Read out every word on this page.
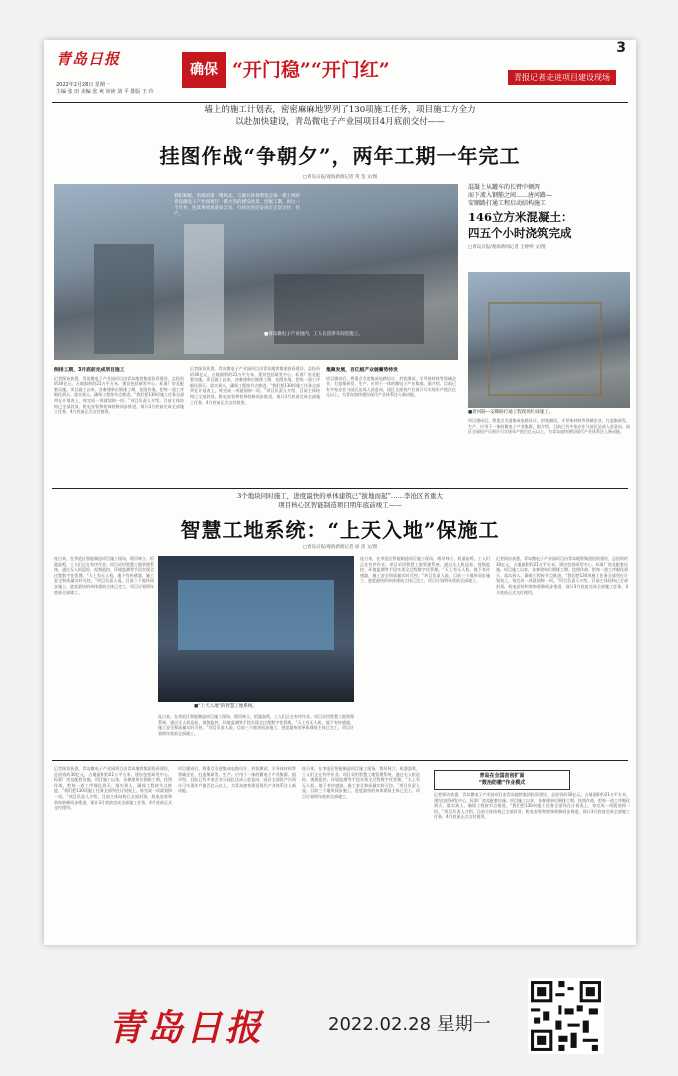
青岛日报
2022年2月28日 星期一
主编 张 田 美编 张 爽 审读 刘 平 排版 王 玲
确保 “开门稳”“开门红”	青报记者走进项目建设现场
3
墙上的施工计划表，密密麻麻地罗列了130项施工任务，项目施工方全力
以赴加快建设，青岛微电子产业园项目4月底前交付——
挂图作战“争朝夕”，两年工期一年完工
□青岛日报/观海新闻记者 常 莹 文/图
春阳和暖，沿街的第一缕风北，与施方各将明宽总领一那土两时青岛微电子产业园项目一派火热的建设场景，挖掘工期，再这一个月并，往其事项真备发合乐，行持动连近安再定正次交付，往产。
■青岛微电子产业园内，工人在活净车间里施工。
混凝土从罐车的长臂中倾泻
而下流入钢筋之间……唐河路—
安顺路打通工程启动结构施工
146立方米混凝土：
四五个小时浇筑完成
□青岛日报/观海新闻记者 王婷婷 文/图
■唐河路—安顺路打通工程现场忙碌施工。
倒排工期，3月底前完成项目施工
记者探访获悉，青岛微电子产业园项目由青岛地铁集团投资建设，总投资约30亿元，占地面积约21万平方米，建设包括研发中心、标准厂房及配套设施。项目施工以来，各参建单位倒排工期，挂图作战，把每一道工序细化到天、落实到人，确保工程按节点推进。“我们把130项施工任务全部列在计划表上，每完成一项就划掉一项。”项目负责人介绍，目前主体结构已全部封顶，机电安装和装饰装修同步推进，预计3月底前完成全部施工任务，4月底前正式交付使用。
记者探访获悉，青岛微电子产业园项目由青岛地铁集团投资建设，总投资约30亿元，占地面积约21万平方米，建设包括研发中心、标准厂房及配套设施。项目施工以来，各参建单位倒排工期，挂图作战，把每一道工序细化到天、落实到人，确保工程按节点推进。“我们把130项施工任务全部列在计划表上，每完成一项就划掉一项。”项目负责人介绍，目前主体结构已全部封顶，机电安装和装饰装修同步推进，预计3月底前完成全部施工任务，4月底前正式交付使用。
集聚发展，百亿级产业链蓄势待发
项目建成后，将重点引进集成电路设计、封装测试、半导体材料等领域企业，打造集研发、生产、应用于一体的微电子产业集群。据介绍，目前已有多家企业与园区达成入驻意向，园区全部投产后预计可实现年产值百亿元以上，为青岛加快建设现代产业体系注入新动能。
项目建成后，将重点引进集成电路设计、封装测试、半导体材料等领域企业，打造集研发、生产、应用于一体的微电子产业集群。据介绍，目前已有多家企业与园区达成入驻意向，园区全部投产后预计可实现年产值百亿元以上，为青岛加快建设现代产业体系注入新动能。
3个地块同时施工，进度最快的单体建筑已“拔地而起”……李沧区省重大
项目核心区智能制造项目明年底前竣工——
智慧工地系统：“上天入地”保施工
□青岛日报/观海新闻记者 徐 雷 文/图
连日来，在李沧区智能制造项目施工现场，塔吊林立、机器轰鸣，工人们正在有序作业。项目采用智慧工地管理系统，通过无人机巡检、视频监控、环境监测等手段实现全过程数字化管理。“天上有无人机，地下有传感器，施工安全和质量实时可控。”项目负责人说。目前三个地块同步施工，进度最快的单体建筑主体已完工，项目计划明年底前全部竣工。
■“上天入地”的智慧工地系统。
连日来，在李沧区智能制造项目施工现场，塔吊林立、机器轰鸣，工人们正在有序作业。项目采用智慧工地管理系统，通过无人机巡检、视频监控、环境监测等手段实现全过程数字化管理。“天上有无人机，地下有传感器，施工安全和质量实时可控。”项目负责人说。目前三个地块同步施工，进度最快的单体建筑主体已完工，项目计划明年底前全部竣工。
连日来，在李沧区智能制造项目施工现场，塔吊林立、机器轰鸣，工人们正在有序作业。项目采用智慧工地管理系统，通过无人机巡检、视频监控、环境监测等手段实现全过程数字化管理。“天上有无人机，地下有传感器，施工安全和质量实时可控。”项目负责人说。目前三个地块同步施工，进度最快的单体建筑主体已完工，项目计划明年底前全部竣工。
记者探访获悉，青岛微电子产业园项目由青岛地铁集团投资建设，总投资约30亿元，占地面积约21万平方米，建设包括研发中心、标准厂房及配套设施。项目施工以来，各参建单位倒排工期，挂图作战，把每一道工序细化到天、落实到人，确保工程按节点推进。“我们把130项施工任务全部列在计划表上，每完成一项就划掉一项。”项目负责人介绍，目前主体结构已全部封顶，机电安装和装饰装修同步推进，预计3月底前完成全部施工任务，4月底前正式交付使用。
记者探访获悉，青岛微电子产业园项目由青岛地铁集团投资建设，总投资约30亿元，占地面积约21万平方米，建设包括研发中心、标准厂房及配套设施。项目施工以来，各参建单位倒排工期，挂图作战，把每一道工序细化到天、落实到人，确保工程按节点推进。“我们把130项施工任务全部列在计划表上，每完成一项就划掉一项。”项目负责人介绍，目前主体结构已全部封顶，机电安装和装饰装修同步推进，预计3月底前完成全部施工任务，4月底前正式交付使用。
项目建成后，将重点引进集成电路设计、封装测试、半导体材料等领域企业，打造集研发、生产、应用于一体的微电子产业集群。据介绍，目前已有多家企业与园区达成入驻意向，园区全部投产后预计可实现年产值百亿元以上，为青岛加快建设现代产业体系注入新动能。
连日来，在李沧区智能制造项目施工现场，塔吊林立、机器轰鸣，工人们正在有序作业。项目采用智慧工地管理系统，通过无人机巡检、视频监控、环境监测等手段实现全过程数字化管理。“天上有无人机，地下有传感器，施工安全和质量实时可控。”项目负责人说。目前三个地块同步施工，进度最快的单体建筑主体已完工，项目计划明年底前全部竣工。
青岛在全国首创扩面
“数治防撤”作业模式
记者探访获悉，青岛微电子产业园项目由青岛地铁集团投资建设，总投资约30亿元，占地面积约21万平方米，建设包括研发中心、标准厂房及配套设施。项目施工以来，各参建单位倒排工期，挂图作战，把每一道工序细化到天、落实到人，确保工程按节点推进。“我们把130项施工任务全部列在计划表上，每完成一项就划掉一项。”项目负责人介绍，目前主体结构已全部封顶，机电安装和装饰装修同步推进，预计3月底前完成全部施工任务，4月底前正式交付使用。
青岛日报	2022.02.28 星期一
